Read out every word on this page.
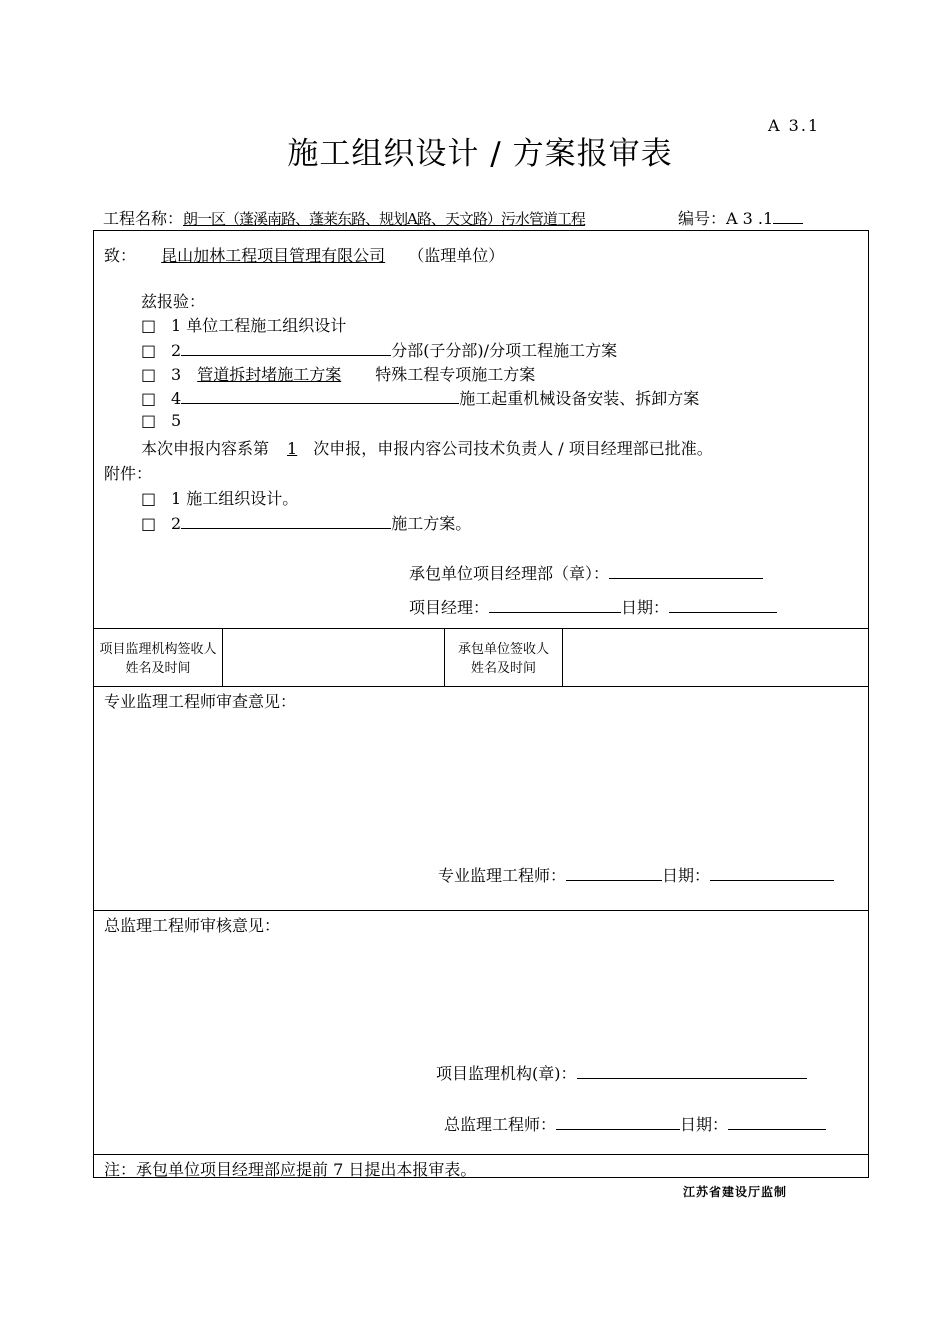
A 3.1
施工组织设计 / 方案报审表
工程名称：朗一区（蓬溪南路、蓬莱东路、规划A路、天文路）污水管道工程	编号：A 3 .1
致： 昆山加林工程项目管理有限公司 （监理单位）
兹报验：
□ 1 单位工程施工组织设计
□ 2	分部(子分部)/分项工程施工方案
□ 3 管道拆封堵施工方案 特殊工程专项施工方案
□ 4	施工起重机械设备安装、拆卸方案
□ 5
本次申报内容系第 1 次申报，申报内容公司技术负责人 / 项目经理部已批准。
附件：
□ 1 施工组织设计。
□ 2	施工方案。
承包单位项目经理部（章）：
项目经理：	日期：
项目监理机构签收人姓名及时间
承包单位签收人姓名及时间
专业监理工程师审查意见：
专业监理工程师：	日期：
总监理工程师审核意见：
项目监理机构(章)：
总监理工程师：	日期：
注：承包单位项目经理部应提前 7 日提出本报审表。
江苏省建设厅监制
